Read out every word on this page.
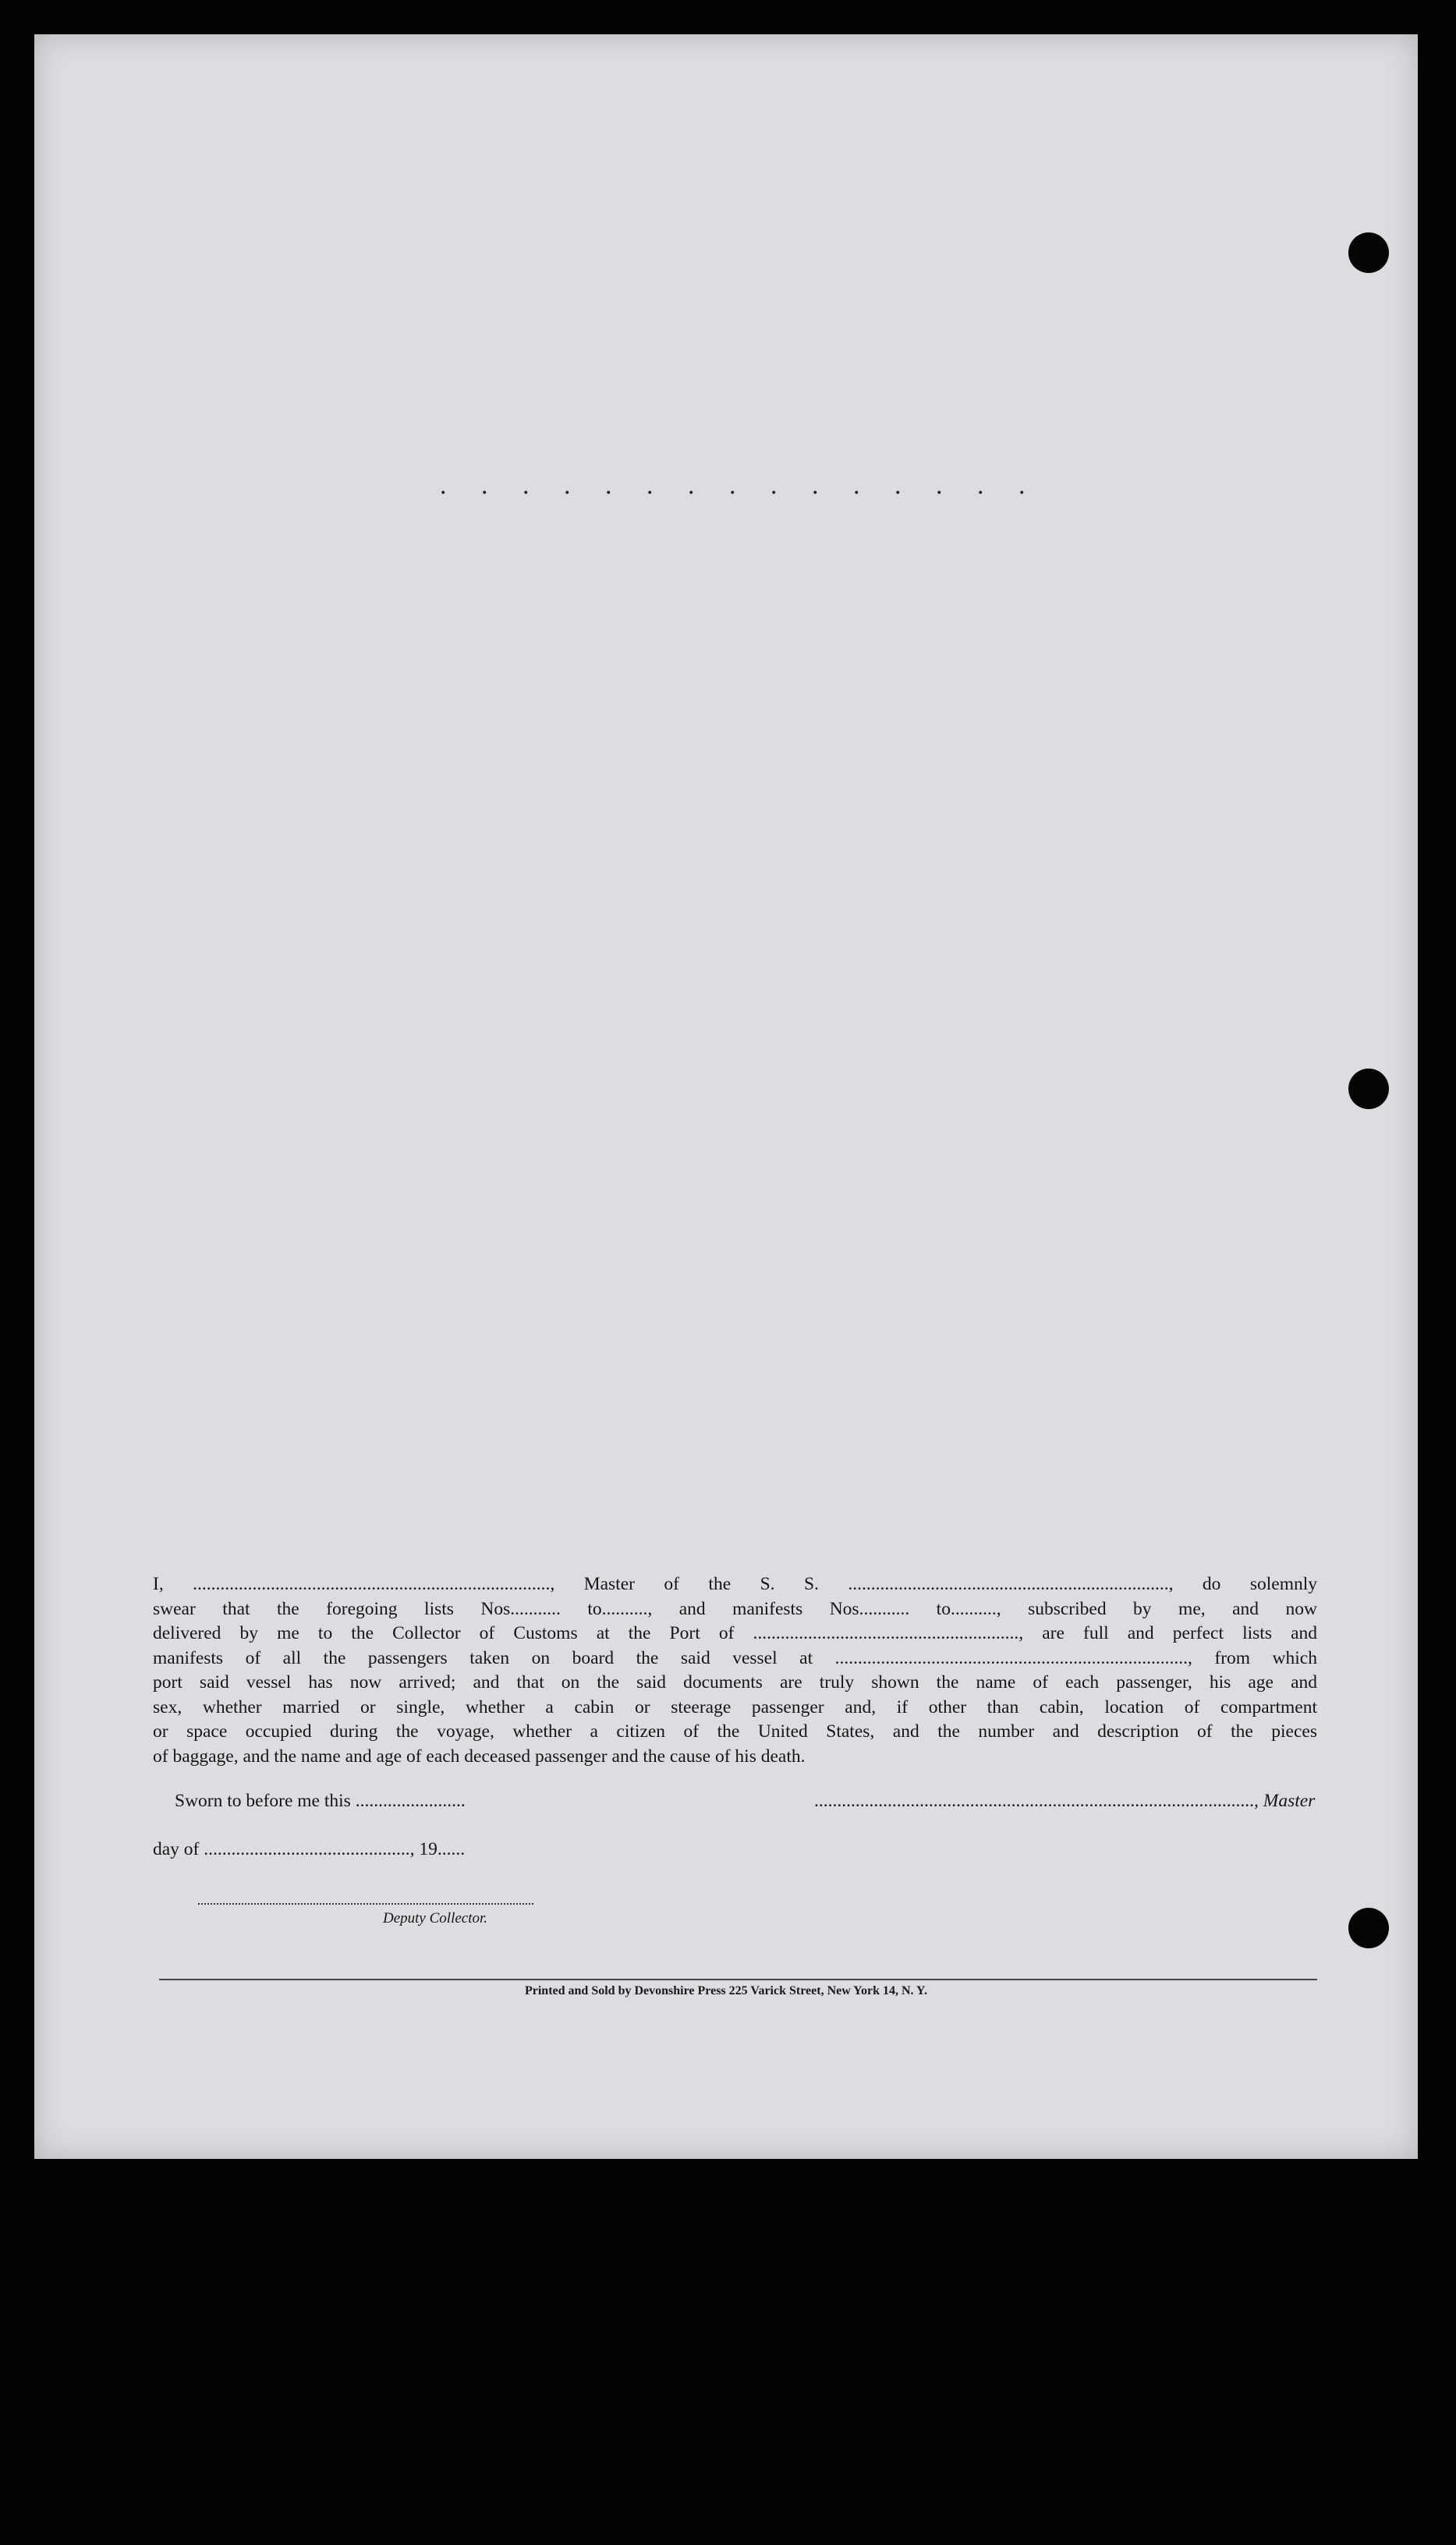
. . . . . . . . . . . . . . .
I, .............................................................................., Master of the S. S. ......................................................................, do solemnly
swear that the foregoing lists Nos........... to.........., and manifests Nos........... to.........., subscribed by me, and now
delivered by me to the Collector of Customs at the Port of .........................................................., are full and perfect lists and
manifests of all the passengers taken on board the said vessel at ............................................................................., from which
port said vessel has now arrived; and that on the said documents are truly shown the name of each passenger, his age and
sex, whether married or single, whether a cabin or steerage passenger and, if other than cabin, location of compartment
or space occupied during the voyage, whether a citizen of the United States, and the number and description of the pieces
of baggage, and the name and age of each deceased passenger and the cause of his death.
Sworn to before me this ........................	................................................................................................, Master
day of ............................................., 19......
Deputy Collector.
Printed and Sold by Devonshire Press 225 Varick Street, New York 14, N. Y.
